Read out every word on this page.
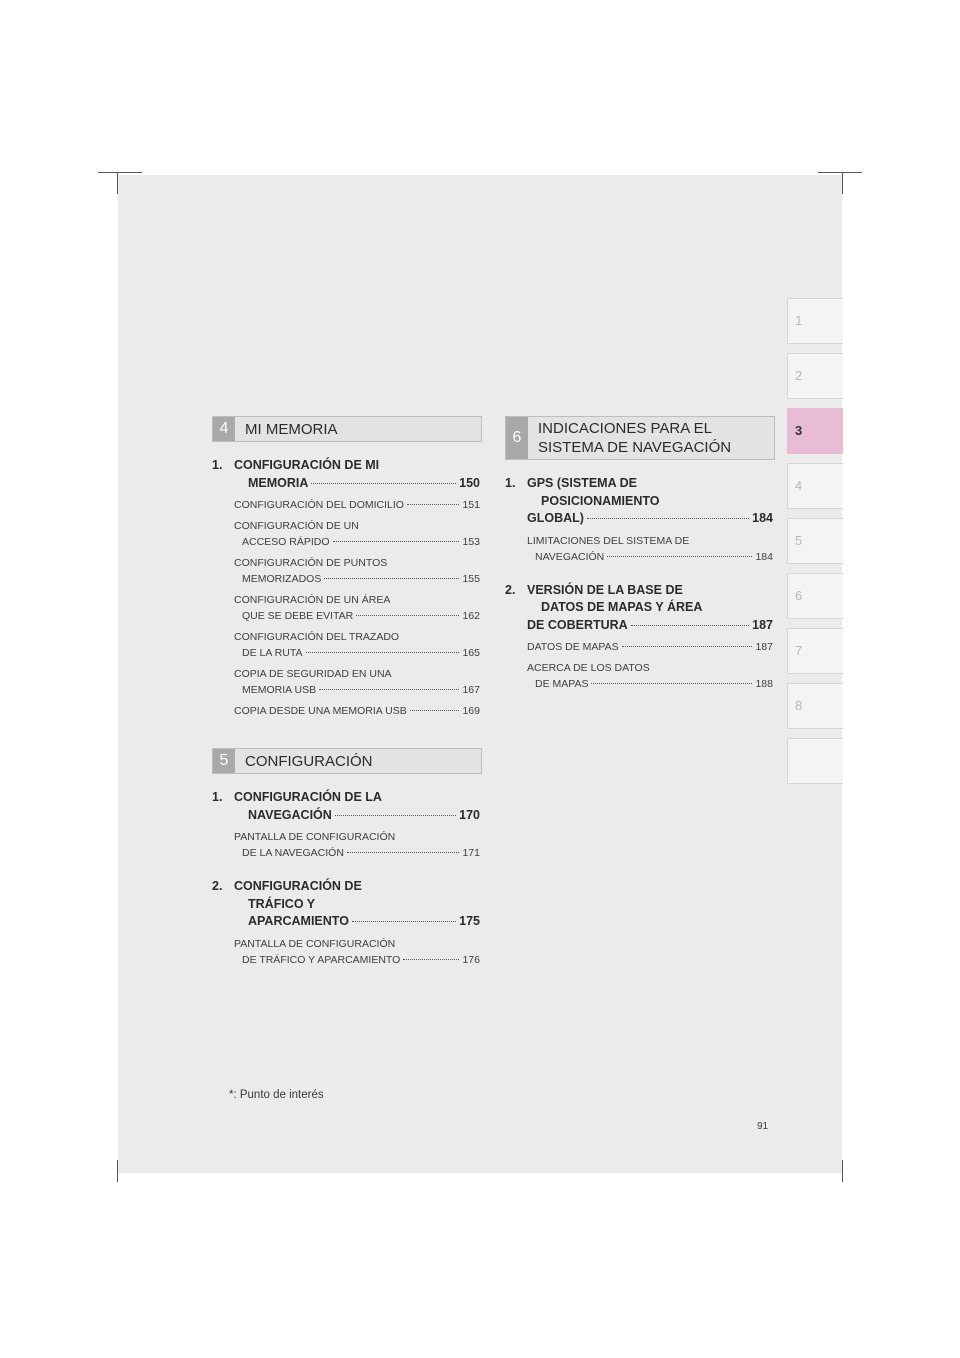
1
2
3
4
5
6
7
8
4	MI MEMORIA
1. CONFIGURACIÓN DE MI
MEMORIA	150
CONFIGURACIÓN DEL DOMICILIO	151
CONFIGURACIÓN DE UN
ACCESO RÁPIDO	153
CONFIGURACIÓN DE PUNTOS
MEMORIZADOS	155
CONFIGURACIÓN DE UN ÁREA
QUE SE DEBE EVITAR	162
CONFIGURACIÓN DEL TRAZADO
DE LA RUTA	165
COPIA DE SEGURIDAD EN UNA
MEMORIA USB	167
COPIA DESDE UNA MEMORIA USB	169
5	CONFIGURACIÓN
1. CONFIGURACIÓN DE LA
NAVEGACIÓN	170
PANTALLA DE CONFIGURACIÓN
DE LA NAVEGACIÓN	171
2. CONFIGURACIÓN DE
TRÁFICO Y
APARCAMIENTO	175
PANTALLA DE CONFIGURACIÓN
DE TRÁFICO Y APARCAMIENTO	176
6
INDICACIONES PARA EL
SISTEMA DE NAVEGACIÓN
1. GPS (SISTEMA DE
POSICIONAMIENTO
GLOBAL)	184
LIMITACIONES DEL SISTEMA DE
NAVEGACIÓN	184
2. VERSIÓN DE LA BASE DE
DATOS DE MAPAS Y ÁREA
DE COBERTURA	187
DATOS DE MAPAS	187
ACERCA DE LOS DATOS
DE MAPAS	188
*: Punto de interés
91
